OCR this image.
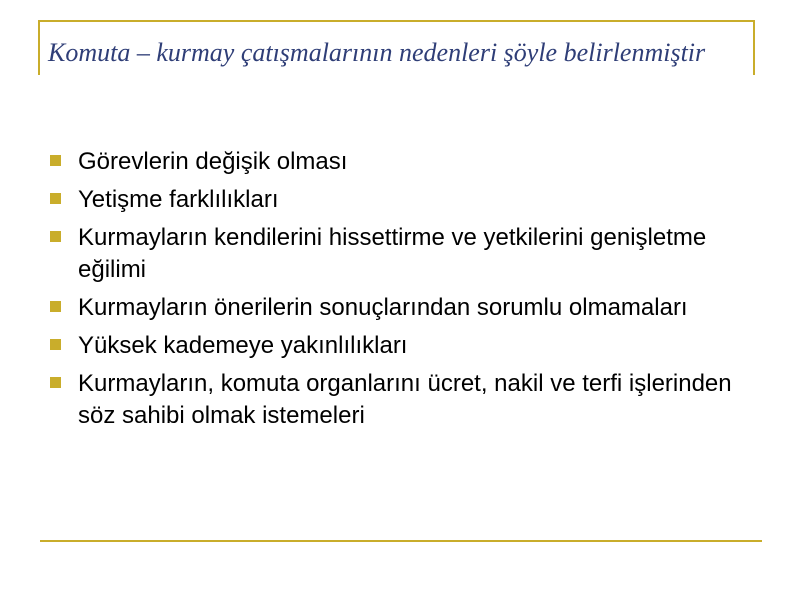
Komuta – kurmay çatışmalarının nedenleri şöyle belirlenmiştir
Görevlerin değişik olması
Yetişme farklılıkları
Kurmayların kendilerini hissettirme ve yetkilerini genişletme eğilimi
Kurmayların önerilerin sonuçlarından sorumlu olmamaları
Yüksek kademeye yakınlılıkları
Kurmayların, komuta organlarını ücret, nakil ve terfi işlerinden söz sahibi olmak istemeleri
